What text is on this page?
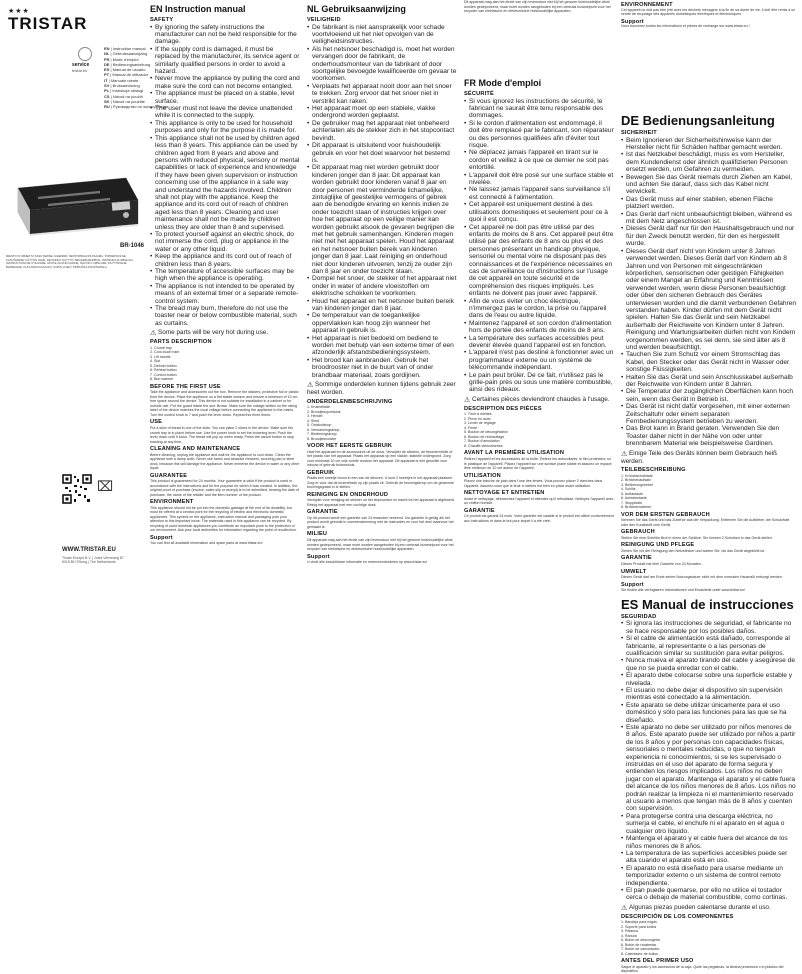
★★★
TRISTAR
service
tristar.eu
EN | Instruction manual
NL | Gebruiksaanwijzing
FR | Mode d'emploi
DE | Bedienungsanleitung
ES | Manual de usuario
PT | Manual de utilizador
IT | Manuale utente
SV | Bruksanvisning
PL | Instrukcja obsługi
CS | Návod na použití
SK | Návod na použitie
RU | Руководство по эксплуатации
BR-1046
MIESTO IN OBJEKTU KASUTAMISE JUHENDID, NESTOPIRALNIS PAJÁMA, TOPDEPOOLNE KASUTAMINE, KÄYTÖN OHJE, KIRJAINFO KÄYTTÖ, BRUKERHÅNDBOK, INSTRUKCJA OBSŁUGI, INSTRUCTIUNI DE UTILIZARE, UPUTE ZA RUKOVANJE, NÁVOD K OBSLUZE, KÄYTTÖOHJE, ВНИМАНИЕ, KULLANIM KILAVUZU, POPIS VOEĆI, PRÍRUČKA POUŽÍVATEĽA
⌧
WWW.TRISTAR.EU
Tristar Europe B.V. | Jules Verneweg 87
5015 BH Tilburg | The Netherlands
EN Instruction manual
SAFETY
• By ignoring the safety instructions the manufacturer can not be held responsible for the damage.
• If the supply cord is damaged, it must be replaced by the manufacturer, its service agent or similarly qualified persons in order to avoid a hazard.
• Never move the appliance by pulling the cord and make sure the cord can not become entangled.
• The appliance must be placed on a stable, level surface.
• The user must not leave the device unattended while it is connected to the supply.
• This appliance is only to be used for household purposes and only for the purpose it is made for.
• This appliance shall not be used by children aged less than 8 years. This appliance can be used by children aged from 8 years and above and persons with reduced physical, sensory or mental capabilities or lack of experience and knowledge if they have been given supervision or instruction concerning use of the appliance in a safe way and understand the hazards involved. Children shall not play with the appliance. Keep the appliance and its cord out of reach of children aged less than 8 years. Cleaning and user maintenance shall not be made by children unless they are older than 8 and supervised.
• To protect yourself against an electric shock, do not immerse the cord, plug or appliance in the water or any other liquid.
• Keep the appliance and its cord out of reach of children less than 8 years.
• The temperature of accessible surfaces may be high when the appliance is operating.
• The appliance is not intended to be operated by means of an external timer or a separate remote-control system.
• The bread may burn, therefore do not use the toaster near or below combustible material, such as curtains.
⚠ Some parts will be very hot during use.
PARTS DESCRIPTION
1. Crumb tray
2. Cool-touch ham
3. Lift handle
4. Slot
5. Defrost button
6. Reheat button
7. Control button
8. Bun warmer
BEFORE THE FIRST USE
Take the appliance and accessories out the box. Remove the stickers, protective foil or plastic from the device. Place the appliance on a flat stable surface and ensure a minimum of 10 cm. free space around the device. This device is not suitable for installation in a cabinet or for outside use. Put the guard inside the slot. Brown. Make sure the voltage written on the rating label of the device matches the local voltage before connecting the appliance to the mains. Turn the control knob to 7 and push the lever down. Repeat this three times.
USE
Put a slice of bread in one of the slots. You can place 2 slices in the device. Make sure the crumb tray is in place before use. Use the power knob to set the browning level. Push the lever down until it locks. The bread will pop up when ready. Press the cancel button to stop toasting at any time.
CLEANING AND MAINTENANCE
Before cleaning, unplug the appliance and wait for the appliance to cool down. Clean the appliance with a damp cloth. Never use harsh and abrasive cleaners, scouring pad or steel wool, because this will damage the appliance. Never immerse the device in water or any other liquid.
GUARANTEE
This product is guaranteed for 24 months. Your guarantee is valid if the product is used in accordance with the instructions and for the purpose for which it was created. In addition, the original proof of purchase (invoice, sales slip or receipt) is to be submitted, bearing the date of purchase, the name of the retailer and the item number of the product.
ENVIRONMENT
This appliance should not be put into the domestic garbage at the end of its durability, but must be offered at a central point for the recycling of electric and electronic domestic appliances. This symbol on the appliance, instruction manual and packaging puts your attention to this important issue. The materials used in this appliance can be recycled. By recycling of used domestic appliances you contribute an important push to the protection of our environment. Ask your local authorities for information regarding the point of recollection.
Support
You can find all available information and spare parts at www.tristar.eu!
NL Gebruiksaanwijzing
VEILIGHEID
• De fabrikant is niet aansprakelijk voor schade voortvloeiend uit het niet opvolgen van de veiligheidsinstructies.
• Als het netsnoer beschadigd is, moet het worden vervangen door de fabrikant, de onderhoudsmonteur van de fabrikant of door soortgelijke bevoegde kwalificeerde om gevaar te voorkomen.
• Verplaats het apparaat nooit door aan het snoer te trekken. Zorg ervoor dat het snoer niet in verstrikt kan raken.
• Het apparaat moet op een stabiele, vlakke ondergrond worden geplaatst.
• De gebruiker mag het apparaat niet onbeheerd achterlaten als de stekker zich in het stopcontact bevindt.
• Dit apparaat is uitsluitend voor huishoudelijk gebruik en voor het doel waarvoor het bestemd is.
• Dit apparaat mag niet worden gebruikt door kinderen jonger dan 8 jaar. Dit apparaat kan worden gebruikt door kinderen vanaf 8 jaar en door personen met verminderde lichamelijke, zintuiglijke of geestelijke vermogens of gebrek aan de benodigde ervaring en kennis indien ze onder toezicht staan of instructies krijgen over hoe het apparaat op een veilige manier kan worden gebruikt alsook de gevaren begrijpen die met het gebruik samenhangen. Kinderen mogen niet met het apparaat spelen. Houd het apparaat en het netsnoer buiten bereik van kinderen jonger dan 8 jaar. Laat reiniging en onderhoud niet door kinderen uitvoeren, tenzij ze ouder zijn dan 8 jaar en onder toezicht staan.
• Dompel het snoer, de stekker of het apparaat niet onder in water of andere vloeistoffen om elektrische schokken te voorkomen.
• Houd het apparaat en het netsnoer buiten bereik van kinderen jonger dan 8 jaar.
• De temperatuur van de toegankelijke oppervlakken kan hoog zijn wanneer het apparaat in gebruik is.
• Het apparaat is niet bedoeld om bediend te worden met behulp van een externe timer of een afzonderlijk afstandsbedieningssysteem.
• Het brood kan aanbranden. Gebruik het broodrooster niet in de buurt van of onder brandbaar materiaal, zoals gordijnen.
⚠ Sommige onderdelen kunnen tijdens gebruik zeer heet worden.
ONDERDELENBESCHRIJVING
1. Kruimellade
2. Broodjesopzetstuk
3. Hendel
4. Sleuf
5. Ontdooiknop
6. Verwarmingsknop
7. Bedieningsknop
8. Broodjesrooster
VOOR HET EERSTE GEBRUIK
Haal het apparaat en de accessoires uit de doos. Verwijder de stickers, de beschermfolie of het plastic van het apparaat. Plaats het apparaat op een vlakke, stabiele ondergrond. Zorg voor minimaal 10 cm vrije ruimte rondom het apparaat. Dit apparaat is niet geschikt voor inbouw of gebruik buitenshuis.
GEBRUIK
Plaats een sneetje brood in een van de sleuven. U kunt 2 sneetjes in het apparaat plaatsen. Zorg er voor dat de kruimellade op zijn plaats zit. Gebruik de bruiningsknop om de gewenste bruiningsgraad in te stellen.
REINIGING EN ONDERHOUD
Verwijder voor reiniging de stekker uit het stopcontact en wacht tot het apparaat is afgekoeld. Reinig het apparaat met een vochtige doek.
GARANTIE
Op dit product wordt een garantie van 24 maanden verleend. Uw garantie is geldig als het product wordt gebruikt in overeenstemming met de instructies en voor het doel waarvoor het gemaakt is.
MILIEU
Dit apparaat mag aan het einde van zijn levensduur niet bij het gewone huishoudelijke afval worden gedeponeerd, maar moet worden aangeboden bij een centraal inzamelpunt voor het recyclen van elektrische en elektronische huishoudelijke apparaten.
Support
U vindt alle beschikbare informatie en reserveonderdelen op www.tristar.eu!
Dit apparaat mag aan het einde van zijn levensduur niet bij het gewone huishoudelijke afval worden gedeponeerd, maar moet worden aangeboden bij een centraal inzamelpunt voor het recyclen van elektrische en elektronische huishoudelijke apparaten.
FR Mode d'emploi
SÉCURITÉ
• Si vous ignorez les instructions de sécurité, le fabricant ne saurait être tenu responsable des dommages.
• Si le cordon d'alimentation est endommagé, il doit être remplacé par le fabricant, son réparateur ou des personnes qualifiées afin d'éviter tout risque.
• Ne déplacez jamais l'appareil en tirant sur le cordon et veillez à ce que ce dernier ne soit pas entortillé.
• L'appareil doit être posé sur une surface stable et nivelée.
• Ne laissez jamais l'appareil sans surveillance s'il est connecté à l'alimentation.
• Cet appareil est uniquement destiné à des utilisations domestiques et seulement pour ce à quoi il est conçu.
• Cet appareil ne doit pas être utilisé par des enfants de moins de 8 ans. Cet appareil peut être utilisé par des enfants de 8 ans ou plus et des personnes présentant un handicap physique, sensoriel ou mental voire ne disposant pas des connaissances et de l'expérience nécessaires en cas de surveillance ou d'instructions sur l'usage de cet appareil en toute sécurité et de compréhension des risques impliqués. Les enfants ne doivent pas jouer avec l'appareil.
• Afin de vous éviter un choc électrique, n'immergez pas le cordon, la prise ou l'appareil dans de l'eau ou autre liquide.
• Maintenez l'appareil et son cordon d'alimentation hors de portée des enfants de moins de 8 ans.
• La température des surfaces accessibles peut devenir élevée quand l'appareil est en fonction.
• L'appareil n'est pas destiné à fonctionner avec un programmateur externe ou un système de télécommande indépendant.
• Le pain peut brûler. De ce fait, n'utilisez pas le grille-pain près ou sous une matière combustible, ainsi des rideaux.
⚠ Certaines pièces deviendront chaudes à l'usage.
DESCRIPTION DES PIÈCES
1. Tiroir à miettes
2. Pince en acier
3. Levier de réglage
4. Fente
5. Bouton de décongélation
6. Bouton de réchauffage
7. Bouton d'annulation
8. Chauffe-viennoiseries
AVANT LA PREMIÈRE UTILISATION
Retirez l'appareil et les accessoires de la boîte. Retirez les autocollants, le film protecteur ou le plastique de l'appareil. Placez l'appareil sur une surface plane stable et assurez un espace libre minimum de 10 cm autour de l'appareil.
UTILISATION
Placez une tranche de pain dans l'une des fentes. Vous pouvez placer 2 tranches dans l'appareil. Assurez-vous que le tiroir à miettes est bien en place avant utilisation.
NETTOYAGE ET ENTRETIEN
Avant le nettoyage, débranchez l'appareil et attendez qu'il refroidisse. Nettoyez l'appareil avec un chiffon humide.
GARANTIE
Ce produit est garanti 24 mois. Votre garantie est valable si le produit est utilisé conformément aux instructions et dans le but pour lequel il a été créé.
ENVIRONNEMENT
Cet appareil ne doit pas être jeté avec les déchets ménagers à la fin de sa durée de vie, il doit être remis à un centre de recyclage des appareils domestiques électriques et électroniques.
Support
Vous trouverez toutes les informations et pièces de rechange sur www.tristar.eu !
DE Bedienungsanleitung
SICHERHEIT
• Beim Ignorieren der Sicherheitshinweise kann der Hersteller nicht für Schäden haftbar gemacht werden.
• Ist das Netzkabel beschädigt, muss es vom Hersteller, dem Kundendienst oder ähnlich qualifizierten Personen ersetzt werden, um Gefahren zu vermeiden.
• Bewegen Sie das Gerät niemals durch Ziehen am Kabel, und achten Sie darauf, dass sich das Kabel nicht verwickelt.
• Das Gerät muss auf einer stabilen, ebenen Fläche platziert werden.
• Das Gerät darf nicht unbeaufsichtigt bleiben, während es mit dem Netz angeschlossen ist.
• Dieses Gerät darf nur für den Haushaltsgebrauch und nur für den Zweck benutzt werden, für den es hergestellt wurde.
• Dieses Gerät darf nicht von Kindern unter 8 Jahren verwendet werden. Dieses Gerät darf von Kindern ab 8 Jahren und von Personen mit eingeschränkten körperlichen, sensorischen oder geistigen Fähigkeiten oder einem Mangel an Erfahrung und Kenntnissen verwendet werden, wenn diese Personen beaufsichtigt oder über den sicheren Gebrauch des Gerätes unterwiesen wurden und die damit verbundenen Gefahren verstanden haben. Kinder dürfen mit dem Gerät nicht spielen. Halten Sie das Gerät und sein Netzkabel außerhalb der Reichweite von Kindern unter 8 Jahren. Reinigung und Wartungsarbeiten dürfen nicht von Kindern vorgenommen werden, es sei denn, sie sind älter als 8 und werden beaufsichtigt.
• Tauchen Sie zum Schutz vor einem Stromschlag das Kabel, den Stecker oder das Gerät nicht in Wasser oder sonstige Flüssigkeiten.
• Halten Sie das Gerät und sein Anschlusskabel außerhalb der Reichweite von Kindern unter 8 Jahren.
• Die Temperatur der zugänglichen Oberflächen kann hoch sein, wenn das Gerät in Betrieb ist.
• Das Gerät ist nicht dafür vorgesehen, mit einer externen Zeitschaltuhr oder einem separaten Fernbedienungssystem betrieben zu werden.
• Das Brot kann in Brand geraten. Verwenden Sie den Toaster daher nicht in der Nähe von oder unter brennbarem Material wie beispielsweise Gardinen.
⚠ Einige Teile des Geräts können beim Gebrauch heiß werden.
TEILEBESCHREIBUNG
1. Krümelschublade
2. Brötchenaufsatz
3. Bedienungshebel
4. Schlitz
5. Auftautaste
6. Aufwärmtaste
7. Stopptaste
8. Brötchenwärmer
VOR DEM ERSTEN GEBRAUCH
Nehmen Sie das Gerät und das Zubehör aus der Verpackung. Entfernen Sie die Aufkleber, die Schutzfolie oder den Kunststoff vom Gerät.
GEBRAUCH
Stellen Sie eine Scheibe Brot in einen der Schlitze. Sie können 2 Scheiben in das Gerät stellen.
REINIGUNG UND PFLEGE
Ziehen Sie vor der Reinigung den Netzstecker und warten Sie, bis das Gerät abgekühlt ist.
GARANTIE
Dieses Produkt hat eine Garantie von 24 Monaten.
UMWELT
Dieses Gerät darf am Ende seiner Nutzungsdauer nicht mit dem normalen Hausmüll entsorgt werden.
Support
Sie finden alle verfügbaren Informationen und Ersatzteile unter www.tristar.eu!
ES Manual de instrucciones
SEGURIDAD
• Si ignora las instrucciones de seguridad, el fabricante no se hace responsable por los posibles daños.
• Si el cable de alimentación está dañado, corresponde al fabricante, al representante o a las personas de cualificación similar su sustitución para evitar peligros.
• Nunca mueva el aparato tirando del cable y asegúrese de que no se pueda enredar con el cable.
• El aparato debe colocarse sobre una superficie estable y nivelada.
• El usuario no debe dejar el dispositivo sin supervisión mientras esté conectado a la alimentación.
• Este aparato se debe utilizar únicamente para el uso doméstico y sólo para las funciones para las que se ha diseñado.
• Este aparato no debe ser utilizado por niños menores de 8 años. Este aparato puede ser utilizado por niños a partir de los 8 años y por personas con capacidades físicas, sensoriales o mentales reducidas, o que no tengan experiencia ni conocimientos, si se les supervisado o instruidas en el uso del aparato de forma segura y entienden los riesgos implicados. Los niños no deben jugar con el aparato. Mantenga el aparato y el cable fuera del alcance de los niños menores de 8 años. Los niños no podrán realizar la limpieza ni el mantenimiento reservado al usuario a menos que tengan más de 8 años y cuenten con supervisión.
• Para protegerse contra una descarga eléctrica, no sumerja el cable, el enchufe ni el aparato en el agua o cualquier otro líquido.
• Mantenga el aparato y el cable fuera del alcance de los niños menores de 8 años.
• La temperatura de las superficies accesibles puede ser alta cuando el aparato está en uso.
• El aparato no está diseñado para usarse mediante un temporizador externo o un sistema de control remoto independiente.
• El pan puede quemarse, por ello no utilice el tostador cerca o debajo de material combustible, como cortinas.
⚠ Algunas piezas pueden calentarse durante el uso.
DESCRIPCIÓN DE LOS COMPONENTES
1. Bandeja para migas
2. Soporte para bollos
3. Palanca
4. Ranura
5. Botón de descongelar
6. Botón de recalentar
7. Botón de cancelación
8. Calentador de bollos
ANTES DEL PRIMER USO
Saque el aparato y los accesorios de la caja. Quite las pegatinas, la lámina protectora o el plástico del dispositivo.
